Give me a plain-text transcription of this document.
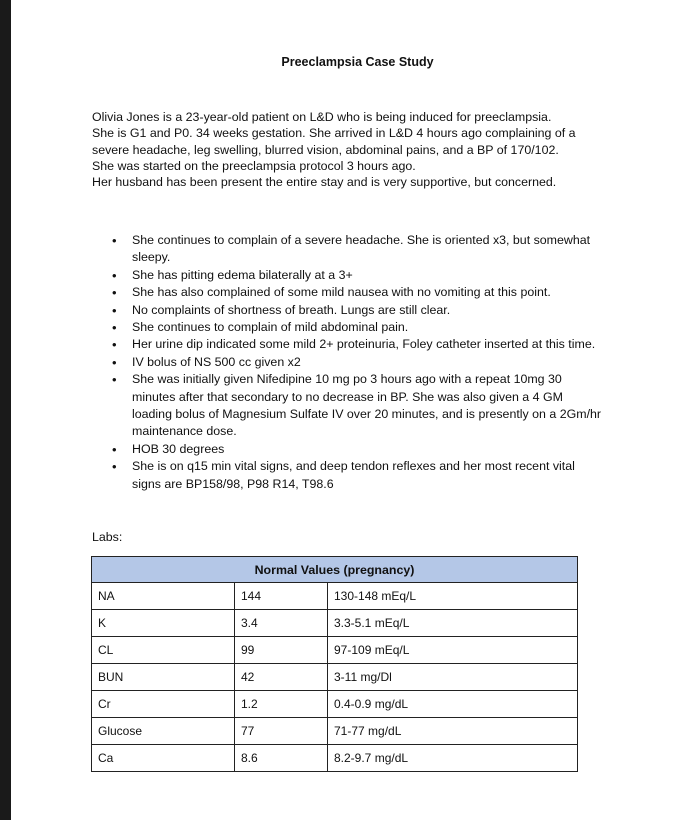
Preeclampsia Case Study
Olivia Jones is a 23-year-old patient on L&D who is being induced for preeclampsia.
She is G1 and P0. 34 weeks gestation. She arrived in L&D 4 hours ago complaining of a
severe headache, leg swelling, blurred vision, abdominal pains, and a BP of 170/102.
She was started on the preeclampsia protocol 3 hours ago.
Her husband has been present the entire stay and is very supportive, but concerned.
• She continues to complain of a severe headache. She is oriented x3, but somewhat sleepy.
• She has pitting edema bilaterally at a 3+
• She has also complained of some mild nausea with no vomiting at this point.
• No complaints of shortness of breath. Lungs are still clear.
• She continues to complain of mild abdominal pain.
• Her urine dip indicated some mild 2+ proteinuria, Foley catheter inserted at this time.
• IV bolus of NS 500 cc given x2
• She was initially given Nifedipine 10 mg po 3 hours ago with a repeat 10mg 30 minutes after that secondary to no decrease in BP. She was also given a 4 GM loading bolus of Magnesium Sulfate IV over 20 minutes, and is presently on a 2Gm/hr maintenance dose.
• HOB 30 degrees
• She is on q15 min vital signs, and deep tendon reflexes and her most recent vital signs are BP158/98, P98 R14, T98.6
Labs:
Normal Values (pregnancy)		
NA	144	130-148 mEq/L
K	3.4	3.3-5.1 mEq/L
CL	99	97-109 mEq/L
BUN	42	3-11 mg/Dl
Cr	1.2	0.4-0.9 mg/dL
Glucose	77	71-77 mg/dL
Ca	8.6	8.2-9.7 mg/dL
